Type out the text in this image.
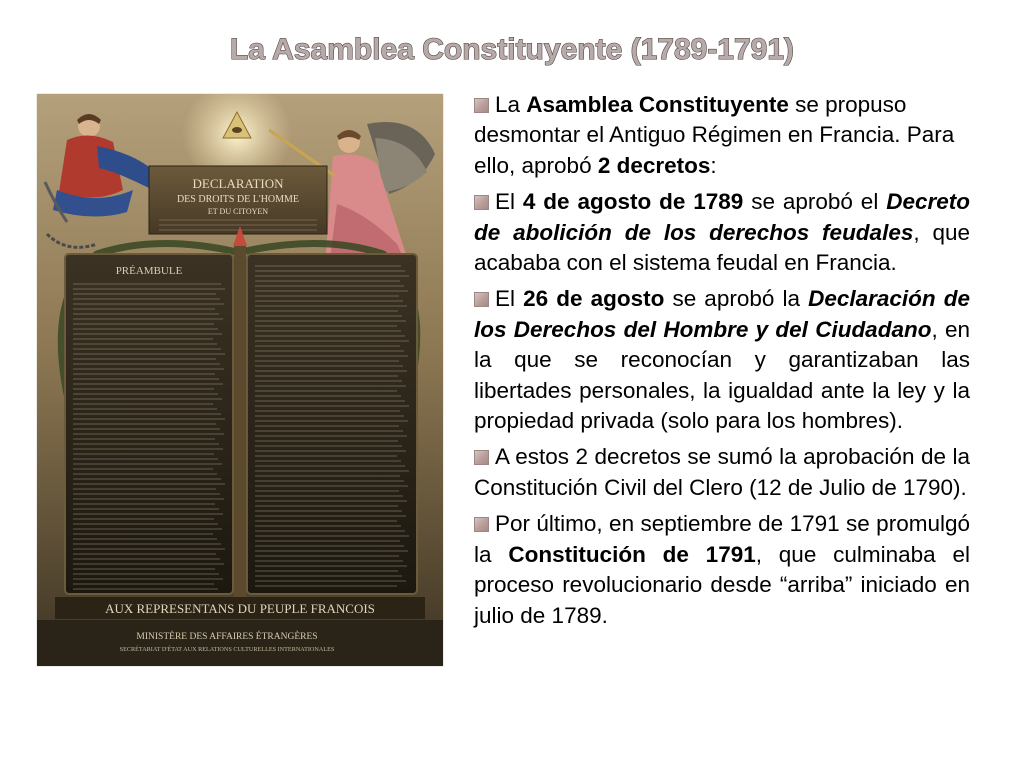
La Asamblea Constituyente (1789-1791)
DECLARATION
DES DROITS DE L'HOMME
ET DU CITOYEN
PRÉAMBULE
AUX REPRESENTANS DU PEUPLE FRANCOIS
MINISTÈRE DES AFFAIRES ÉTRANGÈRES
SECRÉTARIAT D'ÉTAT AUX RELATIONS CULTURELLES INTERNATIONALES

La Asamblea Constituyente se propuso desmontar el Antiguo Régimen en Francia. Para ello, aprobó 2 decretos:

El 4 de agosto de 1789 se aprobó el Decreto de abolición de los derechos feudales, que acababa con el sistema feudal en Francia.

El 26 de agosto se aprobó la Declaración de los Derechos del Hombre y del Ciudadano, en la que se reconocían y garantizaban las libertades personales, la igualdad ante la ley y la propiedad privada (solo para los hombres).

A estos 2 decretos se sumó la aprobación de la Constitución Civil del Clero (12 de Julio de 1790).

Por último, en septiembre de 1791 se promulgó la Constitución de 1791, que culminaba el proceso revolucionario desde “arriba” iniciado en julio de 1789.
